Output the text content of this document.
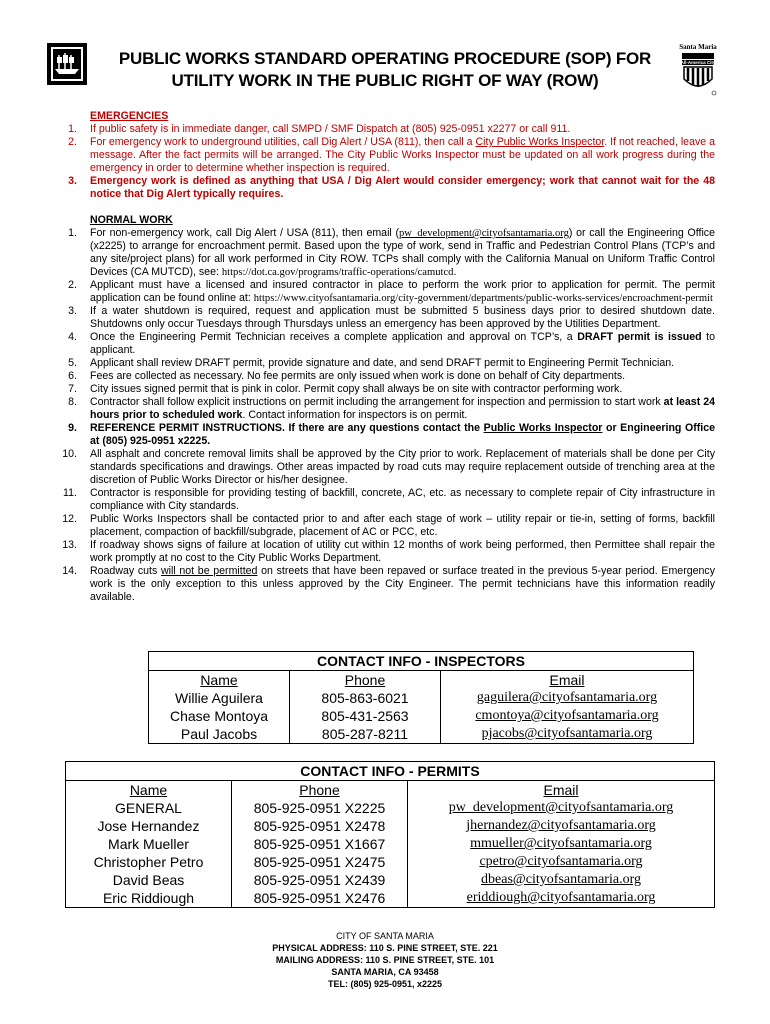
Santa Maria
All-America City
PUBLIC WORKS STANDARD OPERATING PROCEDURE (SOP) FOR
UTILITY WORK IN THE PUBLIC RIGHT OF WAY (ROW)
EMERGENCIES
1. If public safety is in immediate danger, call SMPD / SMF Dispatch at (805) 925-0951 x2277 or call 911.
2. For emergency work to underground utilities, call Dig Alert / USA (811), then call a City Public Works Inspector. If not reached, leave a message. After the fact permits will be arranged. The City Public Works Inspector must be updated on all work progress during the emergency in order to determine whether inspection is required.
3. Emergency work is defined as anything that USA / Dig Alert would consider emergency; work that cannot wait for the 48 notice that Dig Alert typically requires.
NORMAL WORK
1. For non-emergency work, call Dig Alert / USA (811), then email (pw_development@cityofsantamaria.org) or call the Engineering Office (x2225) to arrange for encroachment permit. Based upon the type of work, send in Traffic and Pedestrian Control Plans (TCP’s and any site/project plans) for all work performed in City ROW. TCPs shall comply with the California Manual on Uniform Traffic Control Devices (CA MUTCD), see: https://dot.ca.gov/programs/traffic-operations/camutcd.
2. Applicant must have a licensed and insured contractor in place to perform the work prior to application for permit. The permit application can be found online at: https://www.cityofsantamaria.org/city-government/departments/public-works-services/encroachment-permit
3. If a water shutdown is required, request and application must be submitted 5 business days prior to desired shutdown date. Shutdowns only occur Tuesdays through Thursdays unless an emergency has been approved by the Utilities Department.
4. Once the Engineering Permit Technician receives a complete application and approval on TCP’s, a DRAFT permit is issued to applicant.
5. Applicant shall review DRAFT permit, provide signature and date, and send DRAFT permit to Engineering Permit Technician.
6. Fees are collected as necessary. No fee permits are only issued when work is done on behalf of City departments.
7. City issues signed permit that is pink in color. Permit copy shall always be on site with contractor performing work.
8. Contractor shall follow explicit instructions on permit including the arrangement for inspection and permission to start work at least 24 hours prior to scheduled work. Contact information for inspectors is on permit.
9. REFERENCE PERMIT INSTRUCTIONS. If there are any questions contact the Public Works Inspector or Engineering Office at (805) 925-0951 x2225.
10. All asphalt and concrete removal limits shall be approved by the City prior to work. Replacement of materials shall be done per City standards specifications and drawings. Other areas impacted by road cuts may require replacement outside of trenching area at the discretion of Public Works Director or his/her designee.
11. Contractor is responsible for providing testing of backfill, concrete, AC, etc. as necessary to complete repair of City infrastructure in compliance with City standards.
12. Public Works Inspectors shall be contacted prior to and after each stage of work – utility repair or tie-in, setting of forms, backfill placement, compaction of backfill/subgrade, placement of AC or PCC, etc.
13. If roadway shows signs of failure at location of utility cut within 12 months of work being performed, then Permittee shall repair the work promptly at no cost to the City Public Works Department.
14. Roadway cuts will not be permitted on streets that have been repaved or surface treated in the previous 5-year period. Emergency work is the only exception to this unless approved by the City Engineer. The permit technicians have this information readily available.
CONTACT INFO - INSPECTORS		
Name	Phone	Email
Willie Aguilera	805-863-6021	gaguilera@cityofsantamaria.org
Chase Montoya	805-431-2563	cmontoya@cityofsantamaria.org
Paul Jacobs	805-287-8211	pjacobs@cityofsantamaria.org
CONTACT INFO - PERMITS		
Name	Phone	Email
GENERAL	805-925-0951 X2225	pw_development@cityofsantamaria.org
Jose Hernandez	805-925-0951 X2478	jhernandez@cityofsantamaria.org
Mark Mueller	805-925-0951 X1667	mmueller@cityofsantamaria.org
Christopher Petro	805-925-0951 X2475	cpetro@cityofsantamaria.org
David Beas	805-925-0951 X2439	dbeas@cityofsantamaria.org
Eric Riddiough	805-925-0951 X2476	eriddiough@cityofsantamaria.org
CITY OF SANTA MARIA
PHYSICAL ADDRESS: 110 S. PINE STREET, STE. 221
MAILING ADDRESS: 110 S. PINE STREET, STE. 101
SANTA MARIA, CA 93458
TEL: (805) 925-0951, x2225
